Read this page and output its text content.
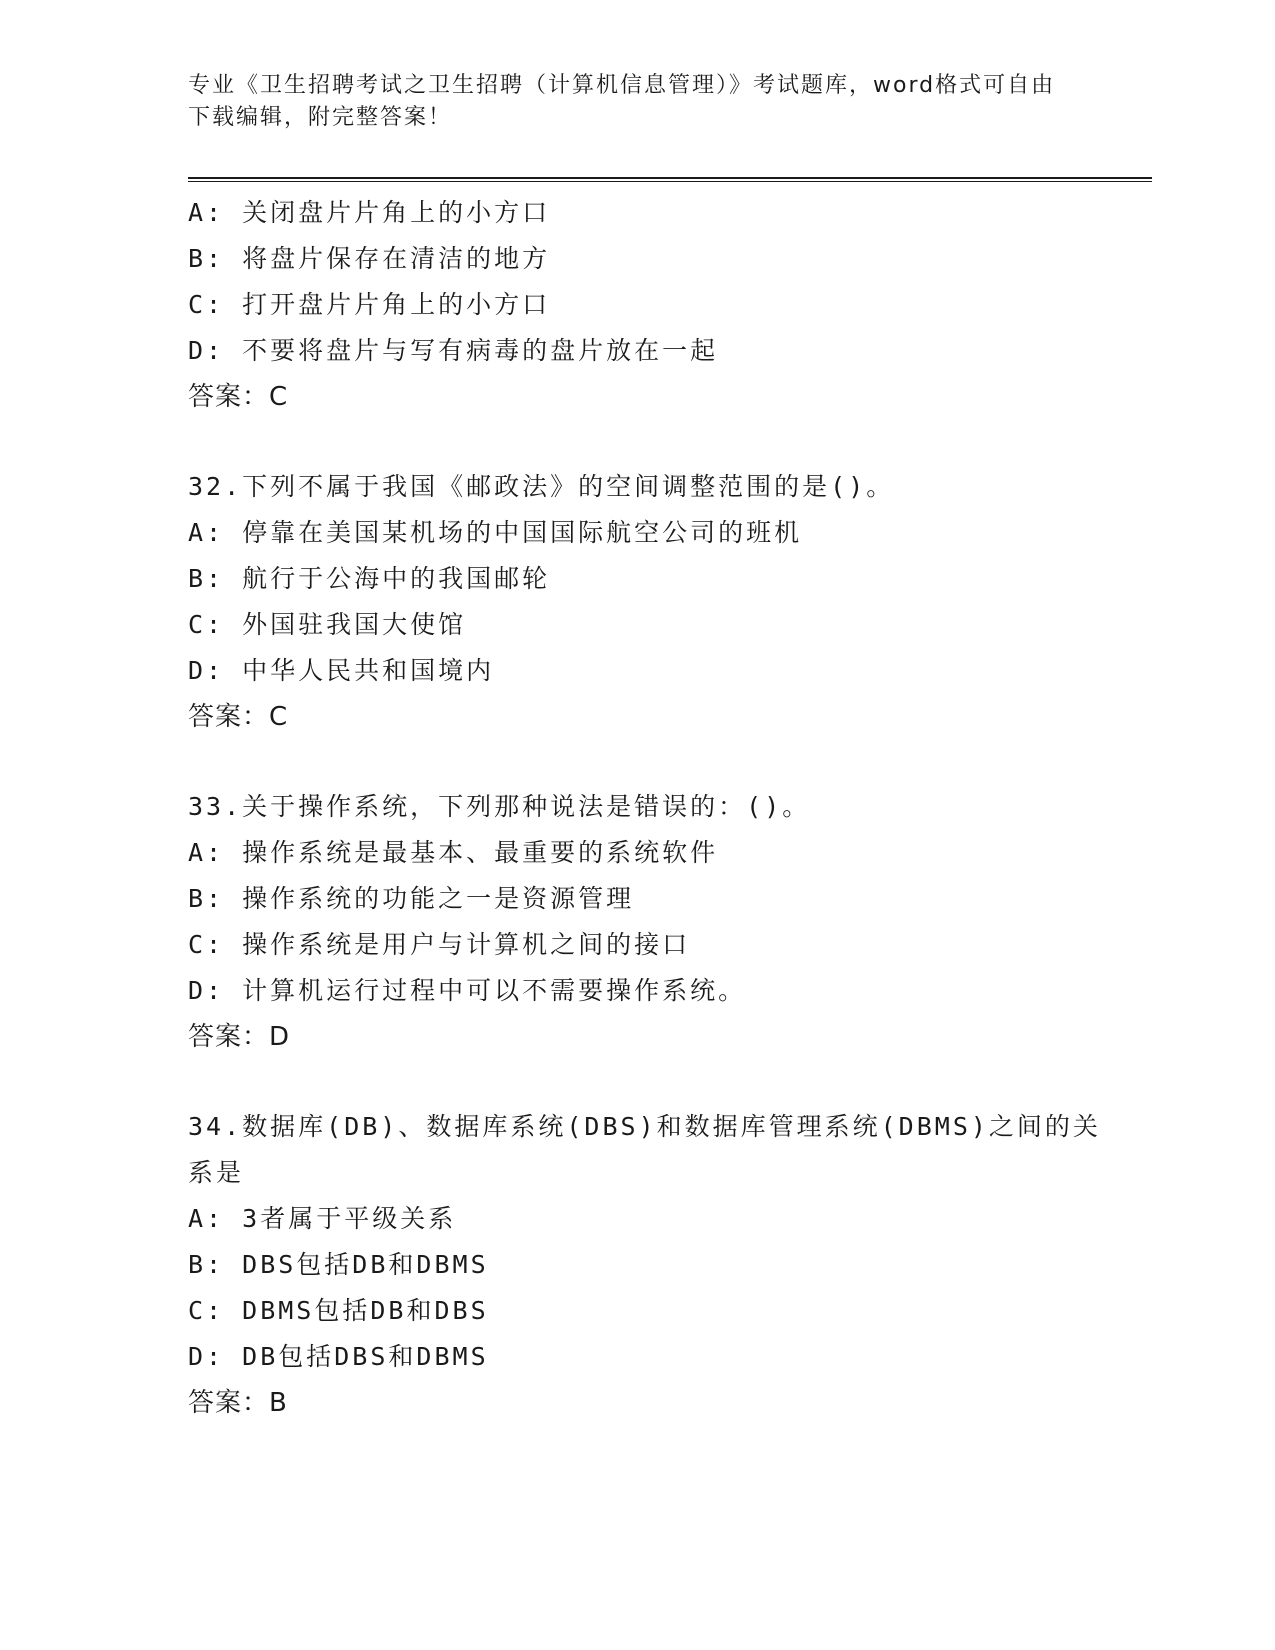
专业《卫生招聘考试之卫生招聘（计算机信息管理）》考试题库，word格式可自由下载编辑，附完整答案！
A: 关闭盘片片角上的小方口
B: 将盘片保存在清洁的地方
C: 打开盘片片角上的小方口
D: 不要将盘片与写有病毒的盘片放在一起
答案：C
32.下列不属于我国《邮政法》的空间调整范围的是()。
A: 停靠在美国某机场的中国国际航空公司的班机
B: 航行于公海中的我国邮轮
C: 外国驻我国大使馆
D: 中华人民共和国境内
答案：C
33.关于操作系统，下列那种说法是错误的：()。
A: 操作系统是最基本、最重要的系统软件
B: 操作系统的功能之一是资源管理
C: 操作系统是用户与计算机之间的接口
D: 计算机运行过程中可以不需要操作系统。
答案：D
34.数据库(DB)、数据库系统(DBS)和数据库管理系统(DBMS)之间的关
系是
A: 3者属于平级关系
B: DBS包括DB和DBMS
C: DBMS包括DB和DBS
D: DB包括DBS和DBMS
答案：B
